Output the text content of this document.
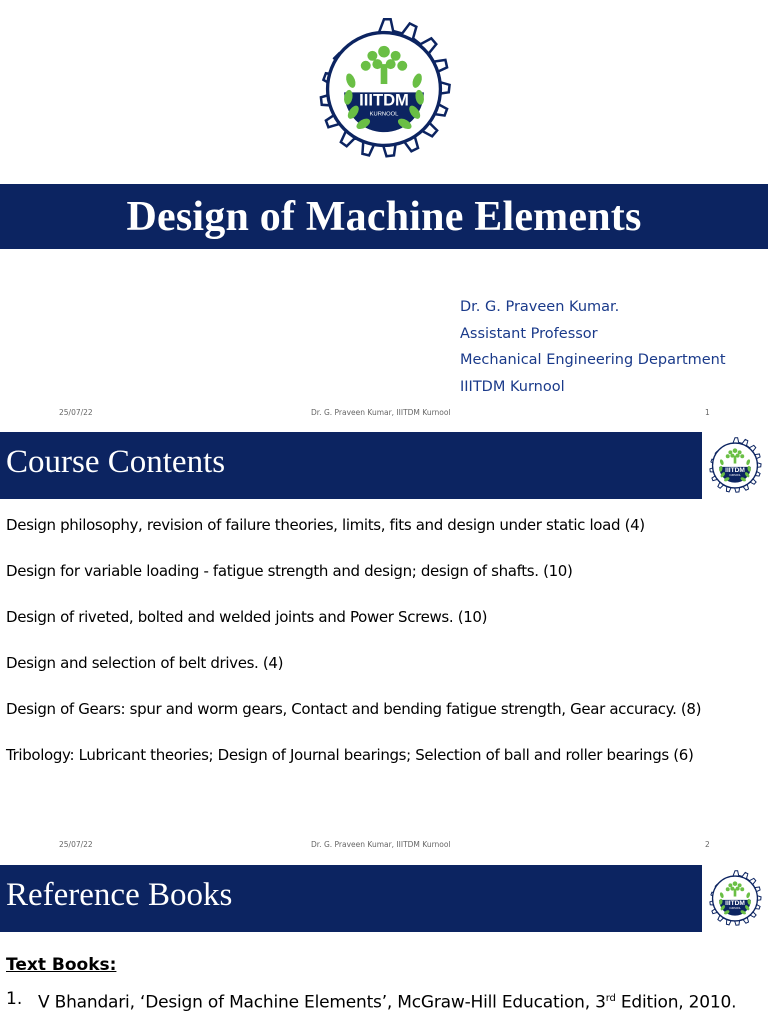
Design of Machine Elements
Dr. G. Praveen Kumar.
Assistant Professor
Mechanical Engineering Department
IIITDM Kurnool
25/07/22	Dr. G. Praveen Kumar, IIITDM Kurnool	1
Course Contents
Design philosophy, revision of failure theories, limits, fits and design under static load (4)
Design for variable loading - fatigue strength and design; design of shafts. (10)
Design of riveted, bolted and welded joints and Power Screws. (10)
Design and selection of belt drives. (4)
Design of Gears: spur and worm gears, Contact and bending fatigue strength, Gear accuracy. (8)
Tribology: Lubricant theories; Design of Journal bearings; Selection of ball and roller bearings (6)
25/07/22	Dr. G. Praveen Kumar, IIITDM Kurnool	2
Reference Books
Text Books:
1. V Bhandari, ‘Design of Machine Elements’, McGraw-Hill Education, 3rd Edition, 2010.
